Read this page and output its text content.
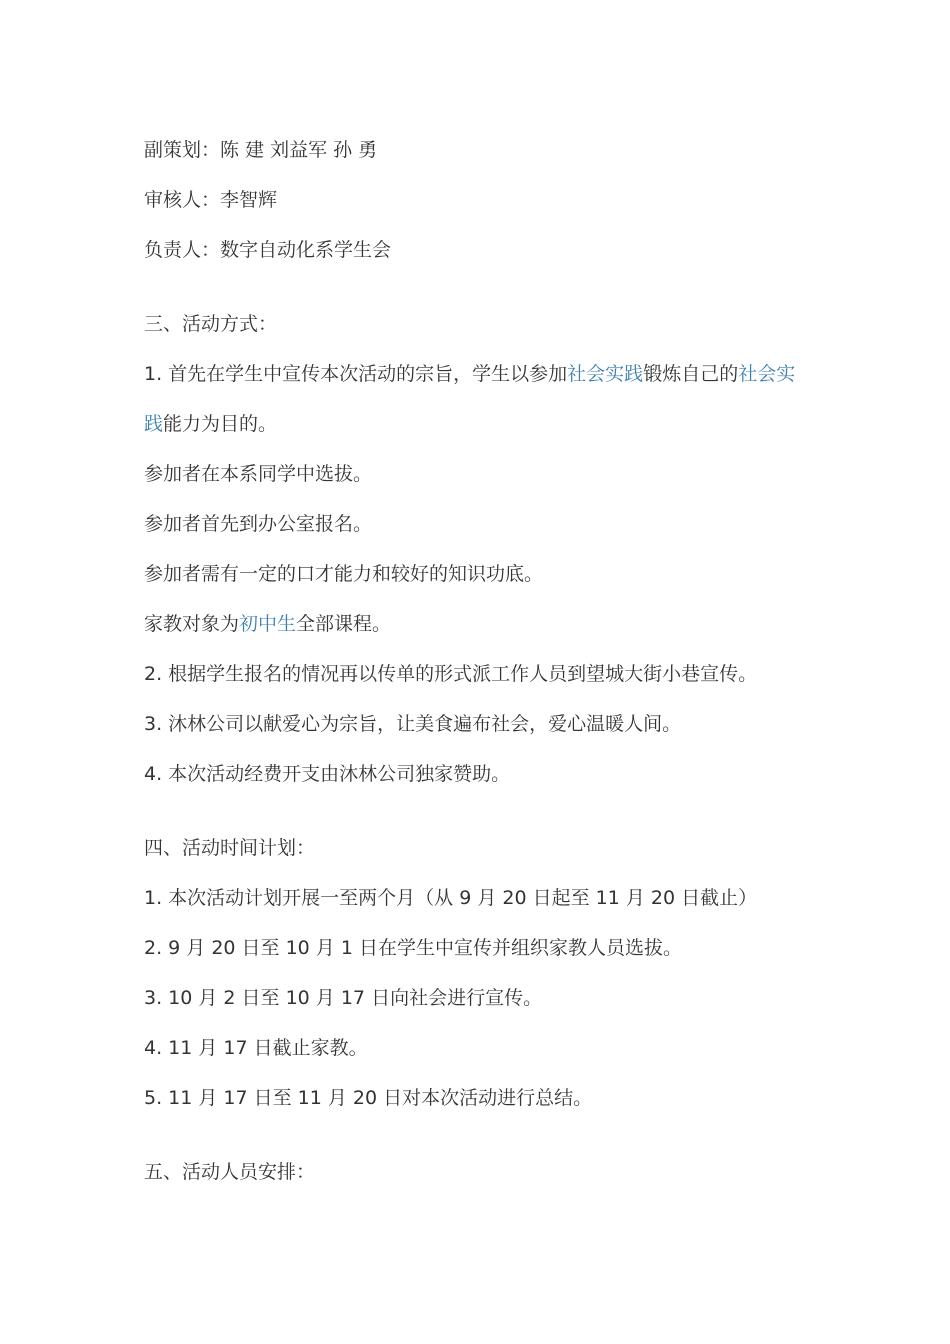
副策划：陈 建 刘益军 孙 勇
审核人：李智辉
负责人：数字自动化系学生会
三、活动方式：
1. 首先在学生中宣传本次活动的宗旨，学生以参加社会实践锻炼自己的社会实
践能力为目的。
参加者在本系同学中选拔。
参加者首先到办公室报名。
参加者需有一定的口才能力和较好的知识功底。
家教对象为初中生全部课程。
2. 根据学生报名的情况再以传单的形式派工作人员到望城大街小巷宣传。
3. 沐林公司以献爱心为宗旨，让美食遍布社会，爱心温暖人间。
4. 本次活动经费开支由沐林公司独家赞助。
四、活动时间计划：
1. 本次活动计划开展一至两个月（从 9 月 20 日起至 11 月 20 日截止）
2. 9 月 20 日至 10 月 1 日在学生中宣传并组织家教人员选拔。
3. 10 月 2 日至 10 月 17 日向社会进行宣传。
4. 11 月 17 日截止家教。
5. 11 月 17 日至 11 月 20 日对本次活动进行总结。
五、活动人员安排：
